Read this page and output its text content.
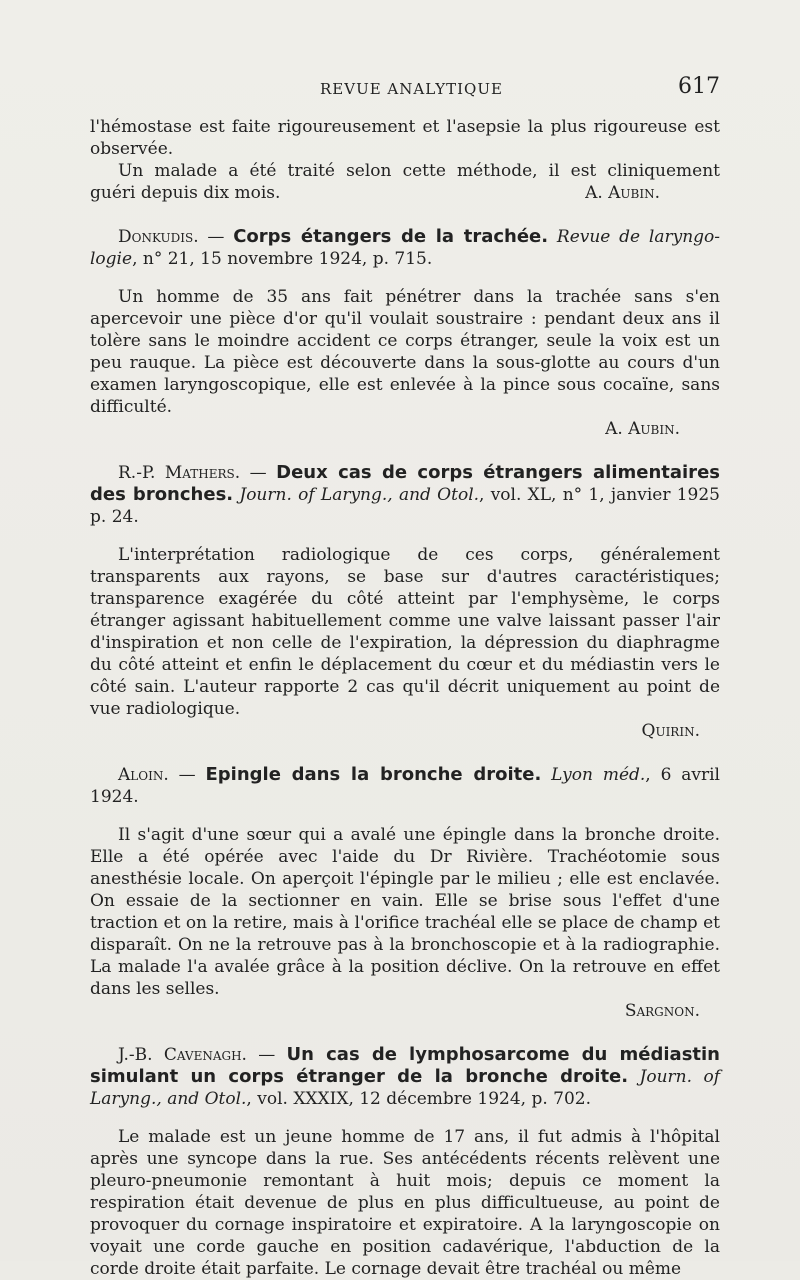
REVUE ANALYTIQUE	617

l'hémostase est faite rigoureusement et l'asepsie la plus rigoureuse est

observée.

Un malade a été traité selon cette méthode, il est cliniquement

guéri depuis dix mois.	A. Aubin.

Donkudis. — Corps étangers de la trachée. Revue de laryngo-logie, n° 21, 15 novembre 1924, p. 715.

Un homme de 35 ans fait pénétrer dans la trachée sans s'en apercevoir une pièce d'or qu'il voulait soustraire : pendant deux ans il tolère sans le moindre accident ce corps étranger, seule la voix est un peu rauque. La pièce est découverte dans la sous-glotte au cours d'un examen laryngoscopique, elle est enlevée à la pince sous cocaïne, sans difficulté.

A. Aubin.

R.-P. Mathers. — Deux cas de corps étrangers alimentaires des bronches. Journ. of Laryng., and Otol., vol. XL, n° 1, janvier 1925 p. 24.

L'interprétation radiologique de ces corps, généralement transparents aux rayons, se base sur d'autres caractéristiques; transparence exagérée du côté atteint par l'emphysème, le corps étranger agissant habituellement comme une valve laissant passer l'air d'inspiration et non celle de l'expiration, la dépression du diaphragme du côté atteint et enfin le déplacement du cœur et du médiastin vers le côté sain. L'auteur rapporte 2 cas qu'il décrit uniquement au point de vue radiologique.

Quirin.

Aloin. — Epingle dans la bronche droite. Lyon méd., 6 avril 1924.

Il s'agit d'une sœur qui a avalé une épingle dans la bronche droite. Elle a été opérée avec l'aide du Dr Rivière. Trachéotomie sous anesthésie locale. On aperçoit l'épingle par le milieu ; elle est enclavée. On essaie de la sectionner en vain. Elle se brise sous l'effet d'une traction et on la retire, mais à l'orifice trachéal elle se place de champ et disparaît. On ne la retrouve pas à la bronchoscopie et à la radiographie. La malade l'a avalée grâce à la position déclive. On la retrouve en effet dans les selles.

Sargnon.

J.-B. Cavenagh. — Un cas de lymphosarcome du médiastin simulant un corps étranger de la bronche droite. Journ. of Laryng., and Otol., vol. XXXIX, 12 décembre 1924, p. 702.

Le malade est un jeune homme de 17 ans, il fut admis à l'hôpital après une syncope dans la rue. Ses antécédents récents relèvent une pleuro-pneumonie remontant à huit mois; depuis ce moment la respiration était devenue de plus en plus difficultueuse, au point de provoquer du cornage inspiratoire et expiratoire. A la laryngoscopie on voyait une corde gauche en position cadavérique, l'abduction de la corde droite était parfaite. Le cornage devait être trachéal ou même
